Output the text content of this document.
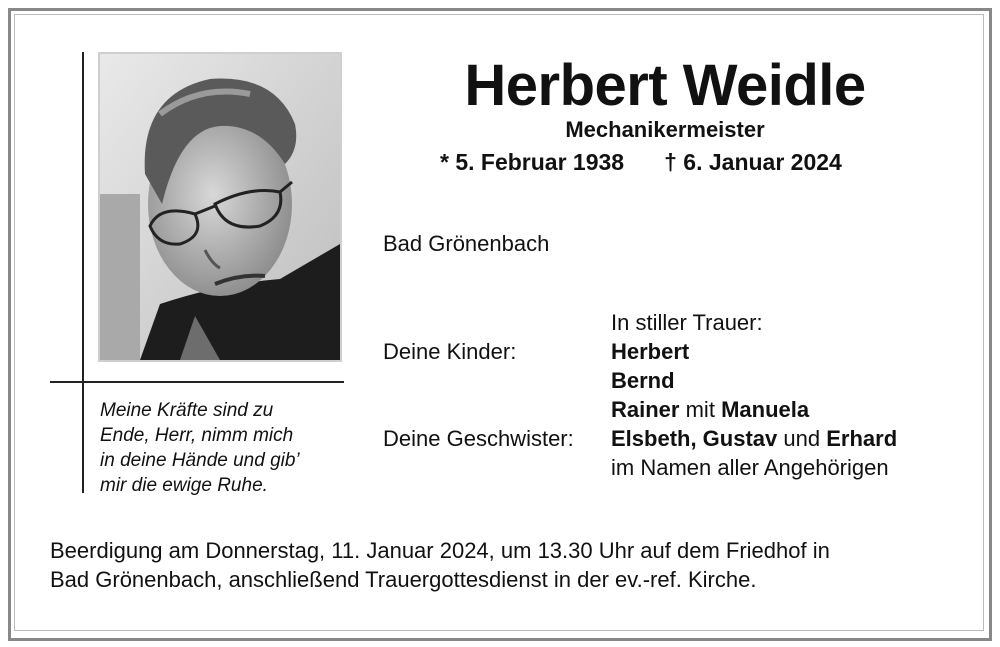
Meine Kräfte sind zu
Ende, Herr, nimm mich
in deine Hände und gib’
mir die ewige Ruhe.
Herbert Weidle
Mechanikermeister
* 5. Februar 1938 † 6. Januar 2024
Bad Grönenbach
In stiller Trauer:
Deine Kinder:	Herbert
Bernd
Rainer mit Manuela
Deine Geschwister: Elsbeth, Gustav und Erhard
im Namen aller Angehörigen
Beerdigung am Donnerstag, 11. Januar 2024, um 13.30 Uhr auf dem Friedhof in
Bad Grönenbach, anschließend Trauergottesdienst in der ev.-ref. Kirche.
